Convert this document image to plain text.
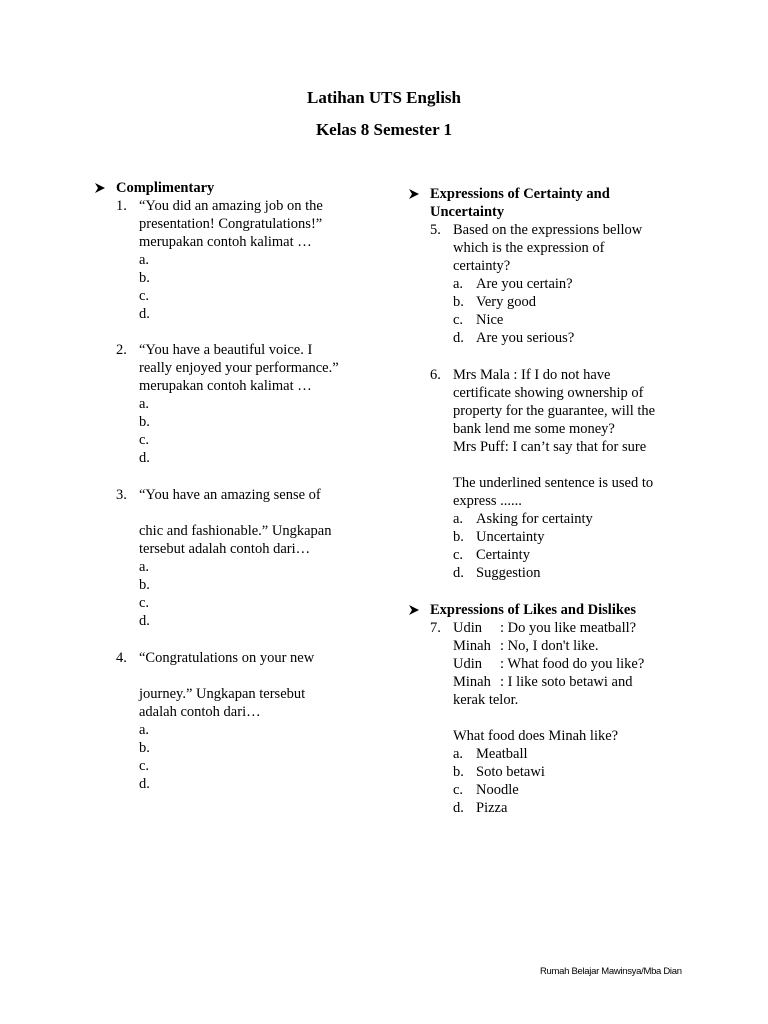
Latihan UTS English
Kelas 8 Semester 1
Complimentary
1. “You did an amazing job on the
presentation! Congratulations!”
merupakan contoh kalimat …
a.
b.
c.
d.
2. “You have a beautiful voice. I
really enjoyed your performance.”
merupakan contoh kalimat …
a.
b.
c.
d.
3. “You have an amazing sense of
chic and fashionable.” Ungkapan
tersebut adalah contoh dari…
a.
b.
c.
d.
4. “Congratulations on your new
journey.” Ungkapan tersebut
adalah contoh dari…
a.
b.
c.
d.
Expressions of Certainty and
Uncertainty
5. Based on the expressions bellow
which is the expression of
certainty?
a. Are you certain?
b. Very good
c. Nice
d. Are you serious?
6. Mrs Mala : If I do not have
certificate showing ownership of
property for the guarantee, will the
bank lend me some money?
Mrs Puff: I can’t say that for sure
The underlined sentence is used to
express ......
a. Asking for certainty
b. Uncertainty
c. Certainty
d. Suggestion
Expressions of Likes and Dislikes
7. Udin : Do you like meatball?
Minah : No, I don't like.
Udin : What food do you like?
Minah : I like soto betawi and
kerak telor.
What food does Minah like?
a. Meatball
b. Soto betawi
c. Noodle
d. Pizza
Rumah Belajar Mawinsya/Mba Dian
